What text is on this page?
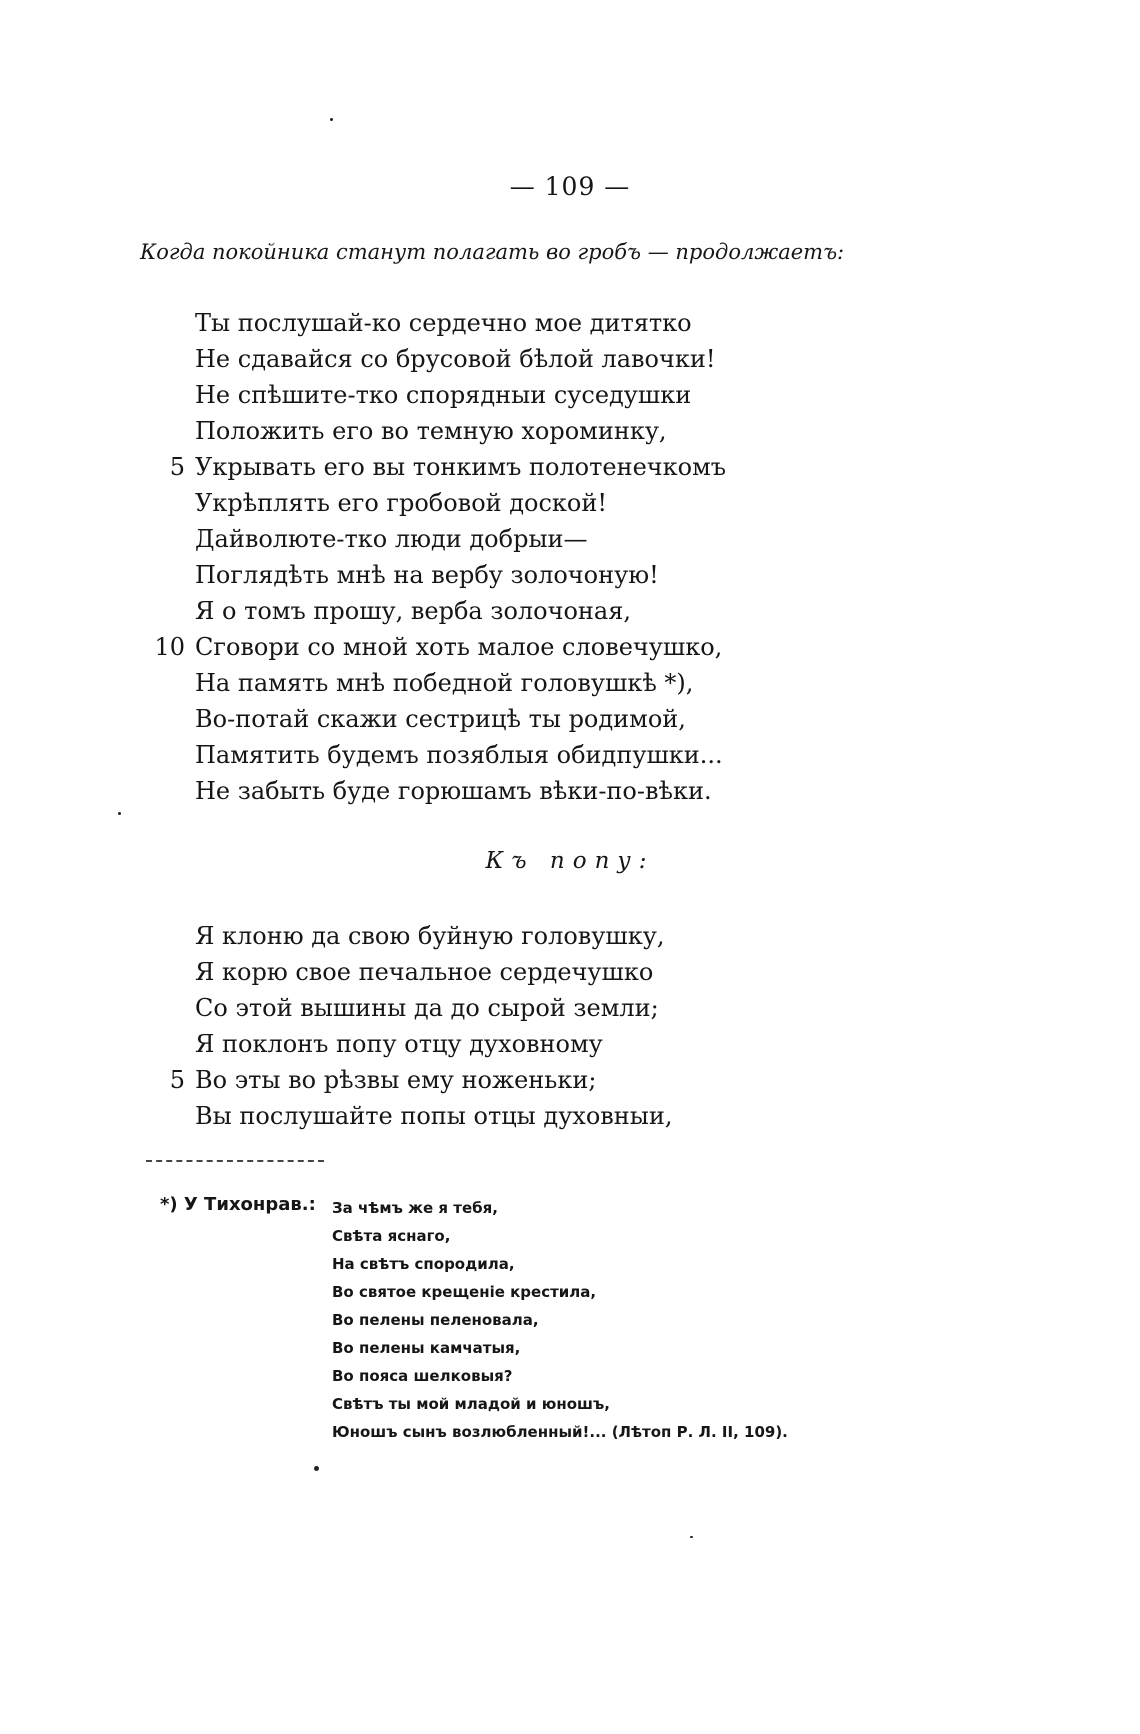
— 109 —
Когда покойника станут полагать во гробъ — продолжаетъ:
Ты послушай-ко сердечно мое дитятко
Не сдавайся со брусовой бѣлой лавочки!
Не спѣшите-тко спорядныи суседушки
Положить его во темную хороминку,
5 Укрывать его вы тонкимъ полотенечкомъ
Укрѣплять его гробовой доской!
Дайволюте-тко люди добрыи—
Поглядѣть мнѣ на вербу золочоную!
Я о томъ прошу, верба золочоная,
10 Сговори со мной хоть малое словечушко,
На память мнѣ победной головушкѣ *),
Во-потай скажи сестрицѣ ты родимой,
Памятить будемъ позяблыя обидпушки...
Не забыть буде горюшамъ вѣки-по-вѣки.
Къ попу:
Я клоню да свою буйную головушку,
Я корю свое печальное сердечушко
Со этой вышины да до сырой земли;
Я поклонъ попу отцу духовному
5 Во эты во рѣзвы ему ноженьки;
Вы послушайте попы отцы духовныи,
*) У Тихонрав.: За чѣмъ же я тебя,
Свѣта яснаго,
На свѣтъ спородила,
Во святое крещеніе крестила,
Во пелены пеленовала,
Во пелены камчатыя,
Во пояса шелковыя?
Свѣтъ ты мой младой и юношъ,
Юношъ сынъ возлюбленный!... (Лѣтоп Р. Л. II, 109).
